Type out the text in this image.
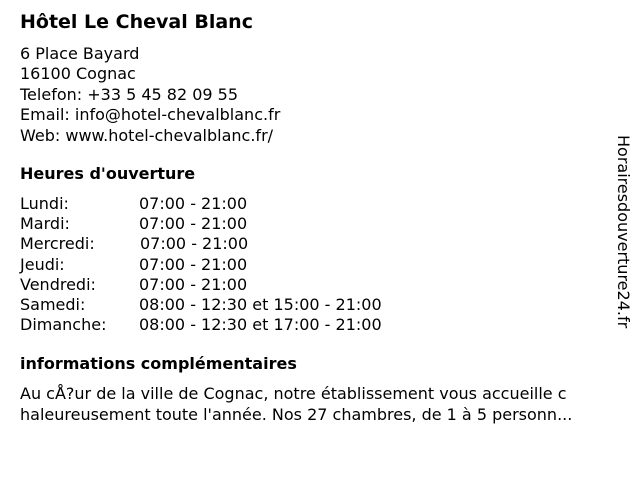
Hôtel Le Cheval Blanc
6 Place Bayard
16100 Cognac
Telefon: +33 5 45 82 09 55
Email: info@hotel-chevalblanc.fr
Web: www.hotel-chevalblanc.fr/
Heures d'ouverture
Lundi:	07:00 - 21:00
Mardi:	07:00 - 21:00
Mercredi:	07:00 - 21:00
Jeudi:	07:00 - 21:00
Vendredi:	07:00 - 21:00
Samedi:	08:00 - 12:30 et 15:00 - 21:00
Dimanche: 08:00 - 12:30 et 17:00 - 21:00
informations complémentaires
Au cÅ?ur de la ville de Cognac, notre établissement vous accueille c
haleureusement toute l'année. Nos 27 chambres, de 1 à 5 personn...
Horairesdouverture24.fr
